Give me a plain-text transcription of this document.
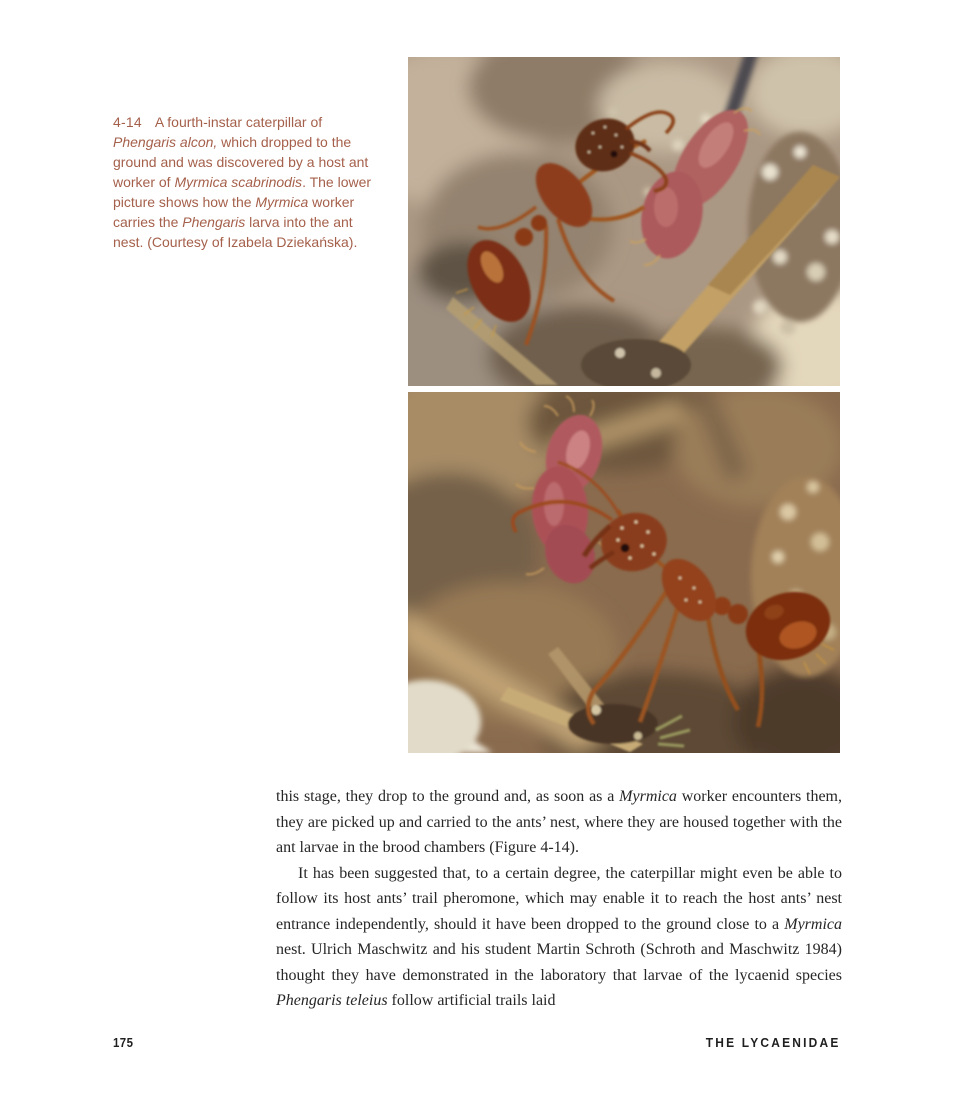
4-14 A fourth-instar caterpillar of Phengaris alcon, which dropped to the ground and was discovered by a host ant worker of Myrmica scabrinodis. The lower picture shows how the Myrmica worker carries the Phengaris larva into the ant nest. (Courtesy of Izabela Dziekańska).

this stage, they drop to the ground and, as soon as a Myrmica worker encounters them, they are picked up and carried to the ants’ nest, where they are housed together with the ant larvae in the brood chambers (Figure 4-14).

It has been suggested that, to a certain degree, the caterpillar might even be able to follow its host ants’ trail pheromone, which may enable it to reach the host ants’ nest entrance independently, should it have been dropped to the ground close to a Myrmica nest. Ulrich Maschwitz and his student Martin Schroth (Schroth and Maschwitz 1984) thought they have demonstrated in the laboratory that larvae of the lycaenid species Phengaris teleius follow artificial trails laid

175	THE LYCAENIDAE
